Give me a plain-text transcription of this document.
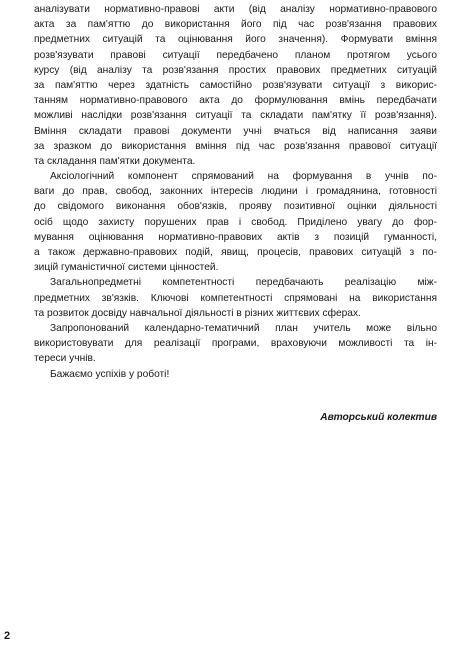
аналізувати нормативно-правові акти (від аналізу нормативно-правового
акта за пам'яттю до використання його під час розв'язання правових
предметних ситуацій та оцінювання його значення). Формувати вміння
розв'язувати правові ситуації передбачено планом протягом усього
курсу (від аналізу та розв'язання простих правових предметних ситуацій
за пам'яттю через здатність самостійно розв'язувати ситуації з викорис-
танням нормативно-правового акта до формулювання вмінь передбачати
можливі наслідки розв'язання ситуації та складати пам'ятку її розв'язання).
Вміння складати правові документи учні вчаться від написання заяви
за зразком до використання вміння під час розв'язання правової ситуації
та складання пам'ятки документа.
Аксіологічний компонент спрямований на формування в учнів по-
ваги до прав, свобод, законних інтересів людини і громадянина, готовності
до свідомого виконання обов'язків, прояву позитивної оцінки діяльності
осіб щодо захисту порушених прав і свобод. Приділено увагу до фор-
мування оцінювання нормативно-правових актів з позицій гуманності,
а також державно-правових подій, явищ, процесів, правових ситуацій з по-
зицій гуманістичної системи цінностей.
Загальнопредметні компетентності передбачають реалізацію між-
предметних зв'язків. Ключові компетентності спрямовані на використання
та розвиток досвіду навчальної діяльності в різних життєвих сферах.
Запропонований календарно-тематичний план учитель може вільно
використовувати для реалізації програми, враховуючи можливості та ін-
тереси учнів.
Бажаємо успіхів у роботі!
Авторський колектив
2
